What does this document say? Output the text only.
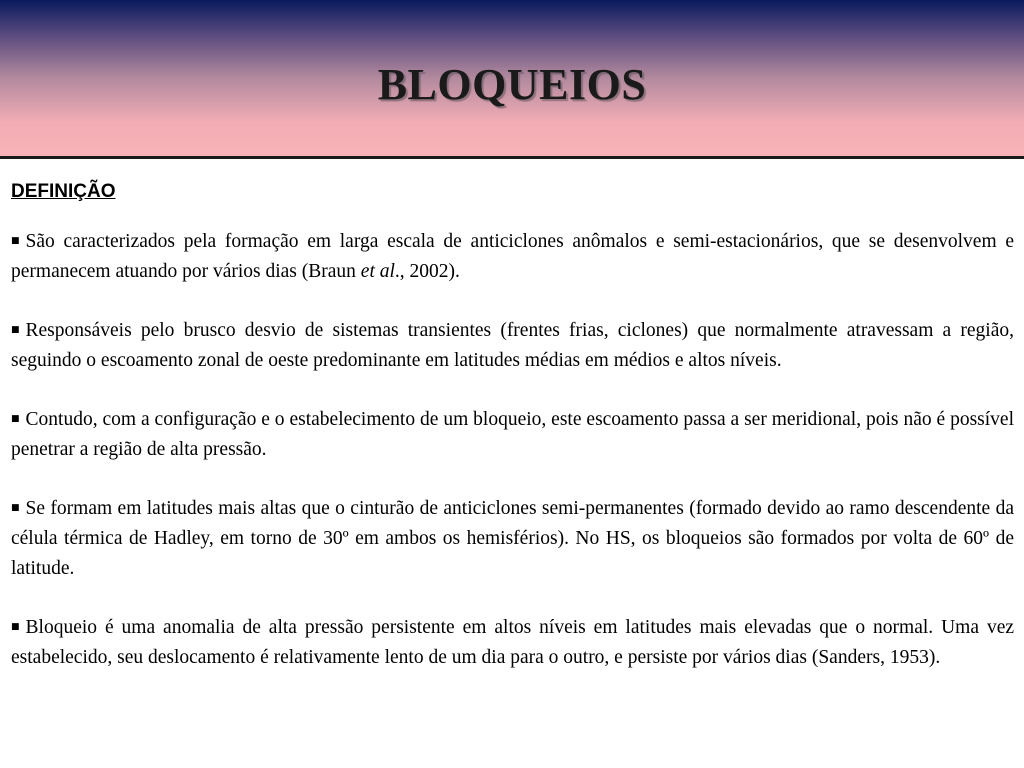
BLOQUEIOS
DEFINIÇÃO

■ São caracterizados pela formação em larga escala de anticiclones anômalos e semi-estacionários, que se desenvolvem e permanecem atuando por vários dias (Braun et al., 2002).

■ Responsáveis pelo brusco desvio de sistemas transientes (frentes frias, ciclones) que normalmente atravessam a região, seguindo o escoamento zonal de oeste predominante em latitudes médias em médios e altos níveis.

■ Contudo, com a configuração e o estabelecimento de um bloqueio, este escoamento passa a ser meridional, pois não é possível penetrar a região de alta pressão.

■ Se formam em latitudes mais altas que o cinturão de anticiclones semi-permanentes (formado devido ao ramo descendente da célula térmica de Hadley, em torno de 30º em ambos os hemisférios). No HS, os bloqueios são formados por volta de 60º de latitude.

■ Bloqueio é uma anomalia de alta pressão persistente em altos níveis em latitudes mais elevadas que o normal. Uma vez estabelecido, seu deslocamento é relativamente lento de um dia para o outro, e persiste por vários dias (Sanders, 1953).
